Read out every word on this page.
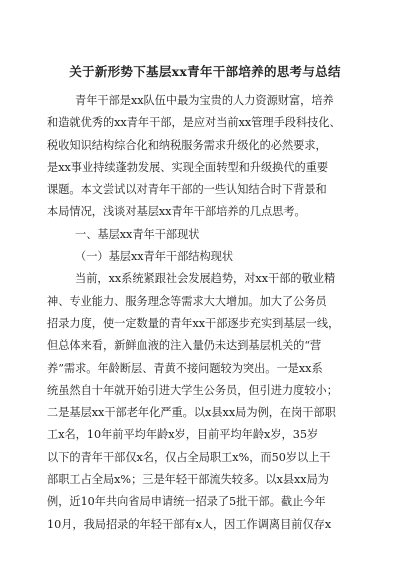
关于新形势下基层xx青年干部培养的思考与总结
青年干部是xx队伍中最为宝贵的人力资源财富，培养
和造就优秀的xx青年干部，是应对当前xx管理手段科技化、
税收知识结构综合化和纳税服务需求升级化的必然要求，
是xx事业持续蓬勃发展、实现全面转型和升级换代的重要
课题。本文尝试以对青年干部的一些认知结合时下背景和
本局情况，浅谈对基层xx青年干部培养的几点思考。
一、基层xx青年干部现状
（一）基层xx青年干部结构现状
当前，xx系统紧跟社会发展趋势，对xx干部的敬业精
神、专业能力、服务理念等需求大大增加。加大了公务员
招录力度，使一定数量的青年xx干部逐步充实到基层一线，
但总体来看，新鲜血液的注入量仍未达到基层机关的“营
养”需求。年龄断层、青黄不接问题较为突出。一是xx系
统虽然自十年就开始引进大学生公务员，但引进力度较小；
二是基层xx干部老年化严重。以x县xx局为例，在岗干部职
工x名，10年前平均年龄x岁，目前平均年龄x岁，35岁
以下的青年干部仅x名，仅占全局职工x%，而50岁以上干
部职工占全局x%；三是年轻干部流失较多。以x县xx局为
例，近10年共向省局申请统一招录了5批干部。截止今年
10月，我局招录的年轻干部有x人，因工作调离目前仅存x
